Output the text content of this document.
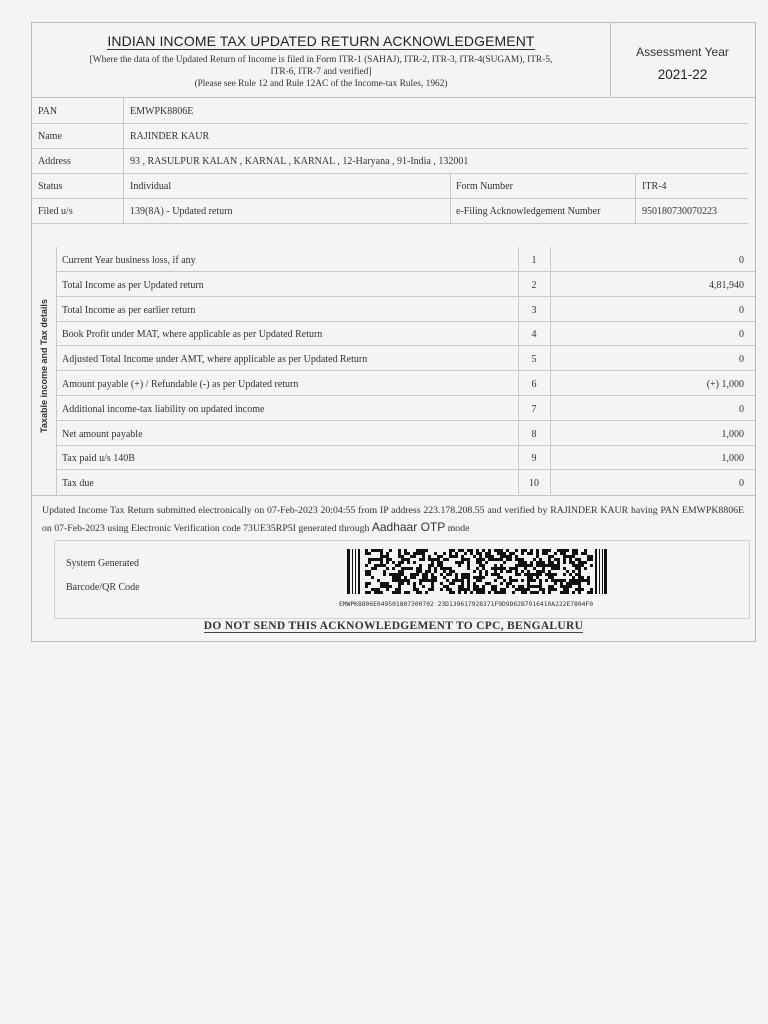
INDIAN INCOME TAX UPDATED RETURN ACKNOWLEDGEMENT
[Where the data of the Updated Return of Income is filed in Form ITR-1 (SAHAJ), ITR-2, ITR-3, ITR-4(SUGAM), ITR-5,
ITR-6, ITR-7 and verified]
(Please see Rule 12 and Rule 12AC of the Income-tax Rules, 1962)
Assessment Year
2021-22
PAN	EMWPK8806E
Name	RAJINDER KAUR
Address	93 , RASULPUR KALAN , KARNAL , KARNAL , 12-Haryana , 91-India , 132001
Status	Individual	Form Number	ITR-4
Filed u/s	139(8A) - Updated return	e-Filing Acknowledgement Number	950180730070223
Taxable income and Tax details
Current Year business loss, if any	1	0
Total Income as per Updated return	2	4,81,940
Total Income as per earlier return	3	0
Book Profit under MAT, where applicable as per Updated Return	4	0
Adjusted Total Income under AMT, where applicable as per Updated Return	5	0
Amount payable (+) / Refundable (-) as per Updated return	6	(+) 1,000
Additional income-tax liability on updated income	7	0
Net amount payable	8	1,000
Tax paid u/s 140B	9	1,000
Tax due	10	0

Updated Income Tax Return submitted electronically on 07-Feb-2023 20:04:55 from IP address 223.178.208.55 and verified by RAJINDER KAUR having PAN EMWPK8806E on 07-Feb-2023 using Electronic Verification code 73UE35RP5I generated through Aadhaar OTP mode

System Generated
Barcode/QR Code
EMWPK8806E049501807300702 23D139617928371F9D9D62B7916410A222E7804F0
DO NOT SEND THIS ACKNOWLEDGEMENT TO CPC, BENGALURU
